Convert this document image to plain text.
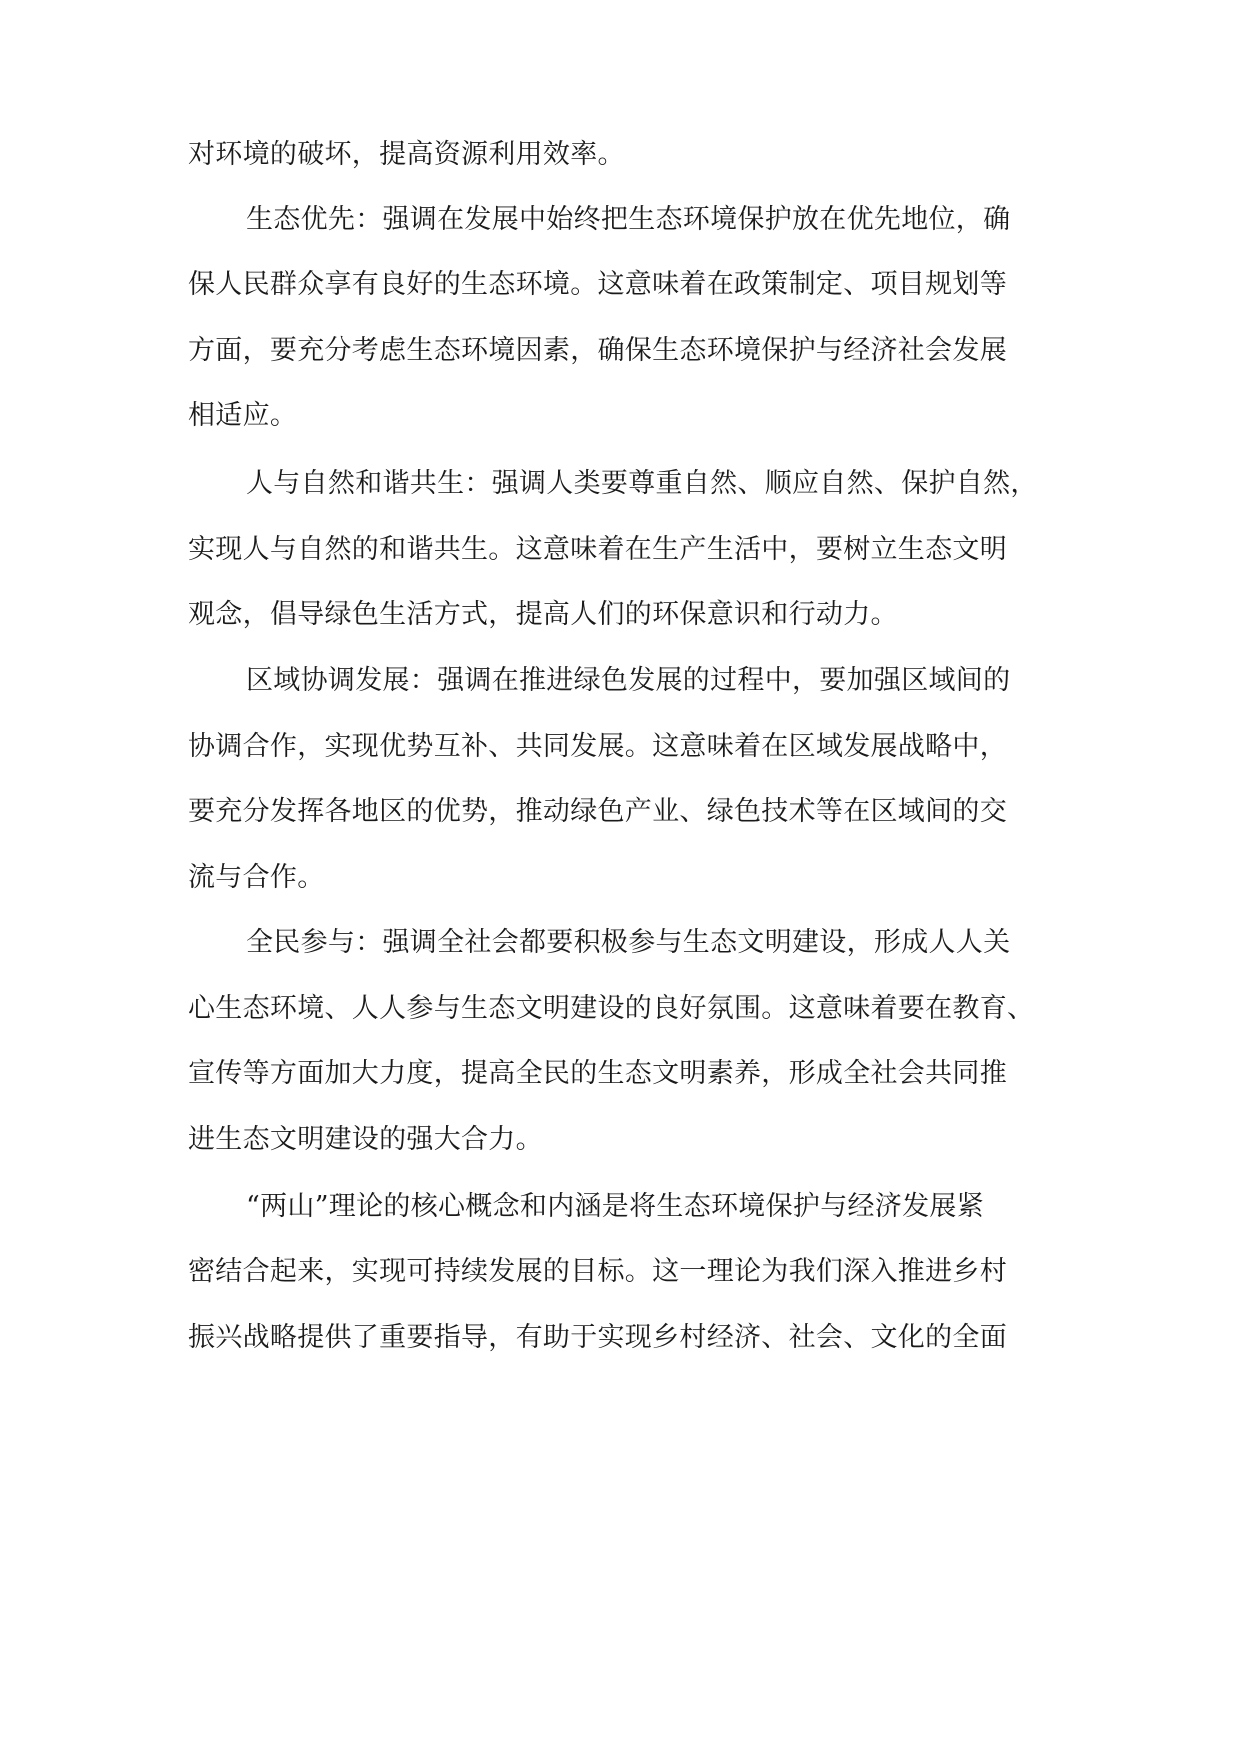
对环境的破坏，提高资源利用效率。
生态优先：强调在发展中始终把生态环境保护放在优先地位，确
保人民群众享有良好的生态环境。这意味着在政策制定、项目规划等
方面，要充分考虑生态环境因素，确保生态环境保护与经济社会发展
相适应。
人与自然和谐共生：强调人类要尊重自然、顺应自然、保护自然，
实现人与自然的和谐共生。这意味着在生产生活中，要树立生态文明
观念，倡导绿色生活方式，提高人们的环保意识和行动力。
区域协调发展：强调在推进绿色发展的过程中，要加强区域间的
协调合作，实现优势互补、共同发展。这意味着在区域发展战略中，
要充分发挥各地区的优势，推动绿色产业、绿色技术等在区域间的交
流与合作。
全民参与：强调全社会都要积极参与生态文明建设，形成人人关
心生态环境、人人参与生态文明建设的良好氛围。这意味着要在教育、
宣传等方面加大力度，提高全民的生态文明素养，形成全社会共同推
进生态文明建设的强大合力。
“两山”理论的核心概念和内涵是将生态环境保护与经济发展紧
密结合起来，实现可持续发展的目标。这一理论为我们深入推进乡村
振兴战略提供了重要指导，有助于实现乡村经济、社会、文化的全面
